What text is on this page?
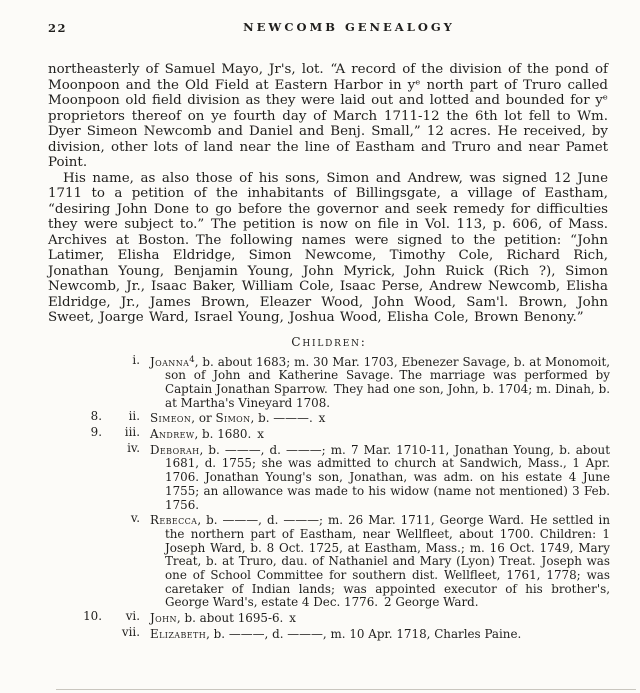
22	NEWCOMB GENEALOGY

northeasterly of Samuel Mayo, Jr's, lot. “A record of the division of the pond of Moonpoon and the Old Field at Eastern Harbor in yᵉ north part of Truro called Moonpoon old field division as they were laid out and lotted and bounded for yᵉ proprietors thereof on ye fourth day of March 1711-12 the 6th lot fell to Wm. Dyer Simeon Newcomb and Daniel and Benj. Small,” 12 acres. He received, by division, other lots of land near the line of Eastham and Truro and near Pamet Point.

His name, as also those of his sons, Simon and Andrew, was signed 12 June 1711 to a petition of the inhabitants of Billingsgate, a village of Eastham, “desiring John Done to go before the governor and seek remedy for difficulties they were subject to.” The petition is now on file in Vol. 113, p. 606, of Mass. Archives at Boston. The following names were signed to the petition: “John Latimer, Elisha Eldridge, Simon Newcome, Timothy Cole, Richard Rich, Jonathan Young, Benjamin Young, John Myrick, John Ruick (Rich ?), Simon Newcomb, Jr., Isaac Baker, William Cole, Isaac Perse, Andrew Newcomb, Elisha Eldridge, Jr., James Brown, Eleazer Wood, John Wood, Sam'l. Brown, John Sweet, Joarge Ward, Israel Young, Joshua Wood, Elisha Cole, Brown Benony.”

Children:
i. Joanna$^4$, b. about 1683; m. 30 Mar. 1703, Ebenezer Savage, b. at Monomoit, son of John and Katherine Savage. The marriage was performed by Captain Jonathan Sparrow. They had one son, John, b. 1704; m. Dinah, b. at Martha's Vineyard 1708.
8.	ii. Simeon, or Simon, b. ———. x
9.	iii. Andrew, b. 1680. x
iv. Deborah, b. ———, d. ———; m. 7 Mar. 1710-11, Jonathan Young, b. about 1681, d. 1755; she was admitted to church at Sandwich, Mass., 1 Apr. 1706. Jonathan Young's son, Jonathan, was adm. on his estate 4 June 1755; an allowance was made to his widow (name not mentioned) 3 Feb. 1756.
v. Rebecca, b. ———, d. ———; m. 26 Mar. 1711, George Ward. He settled in the northern part of Eastham, near Wellfleet, about 1700. Children: 1 Joseph Ward, b. 8 Oct. 1725, at Eastham, Mass.; m. 16 Oct. 1749, Mary Treat, b. at Truro, dau. of Nathaniel and Mary (Lyon) Treat. Joseph was one of School Committee for southern dist. Wellfleet, 1761, 1778; was caretaker of Indian lands; was appointed executor of his brother's, George Ward's, estate 4 Dec. 1776. 2 George Ward.
10.	vi. John, b. about 1695-6. x
vii. Elizabeth, b. ———, d. ———, m. 10 Apr. 1718, Charles Paine.
